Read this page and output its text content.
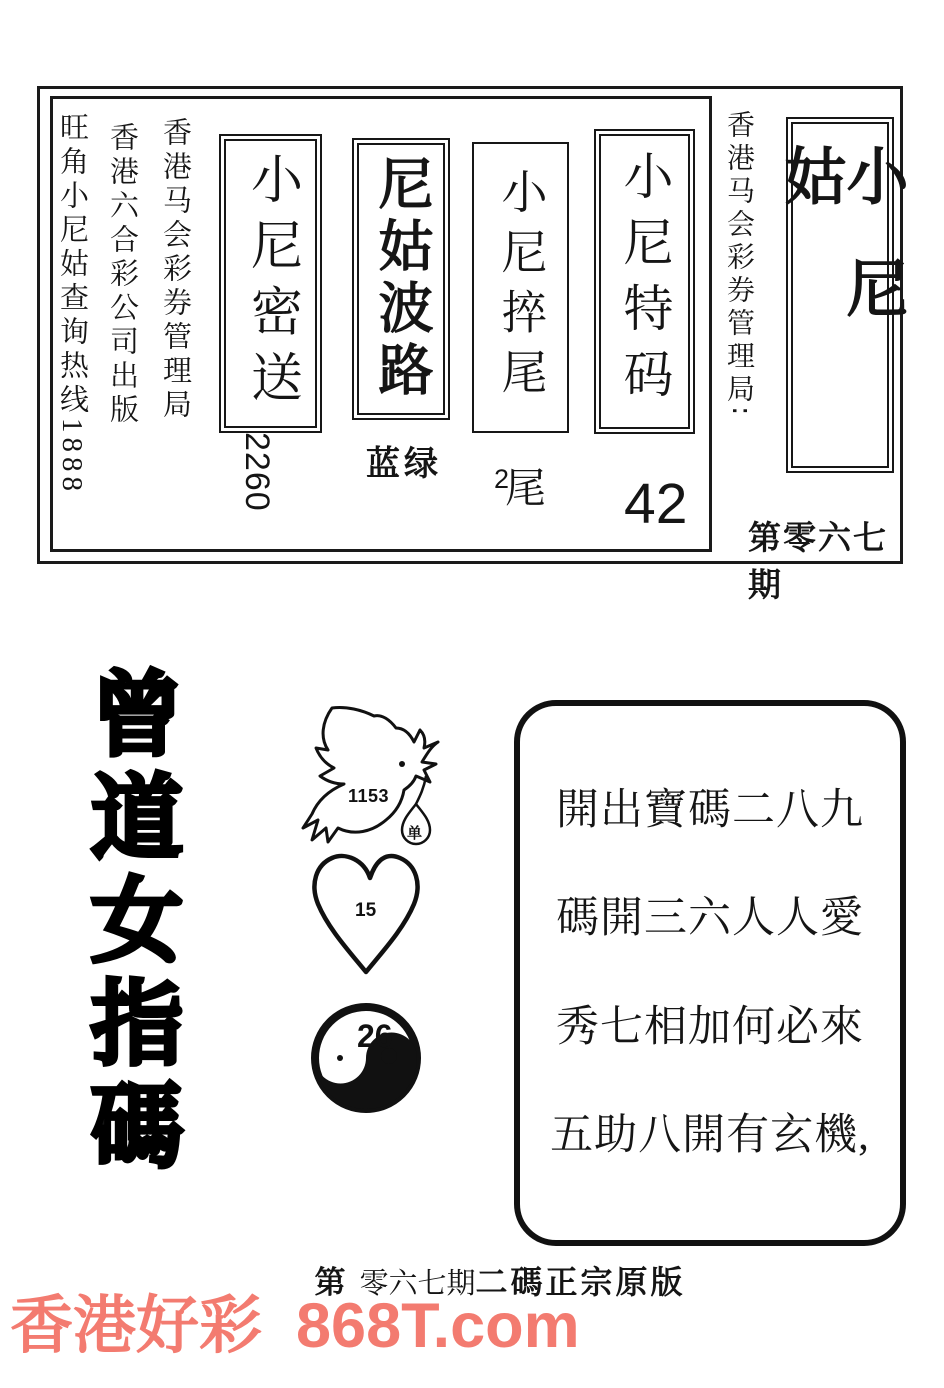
旺角小尼姑查询热线1888 香港六合彩公司出版 香港马会彩券管理局 小尼密送
2260
尼姑波路
蓝绿
小尼捽尾
$^2$尾
小尼特码
42
香港马会彩券管理局∶	小尼姑
第零六七期
曾道女指碼	1153
单
15
26
開出寶碼二八九
碼開三六人人愛
秀七相加何必來
五助八開有玄機,
第 零六七期二碼正宗原版
香港好彩 868T.com
